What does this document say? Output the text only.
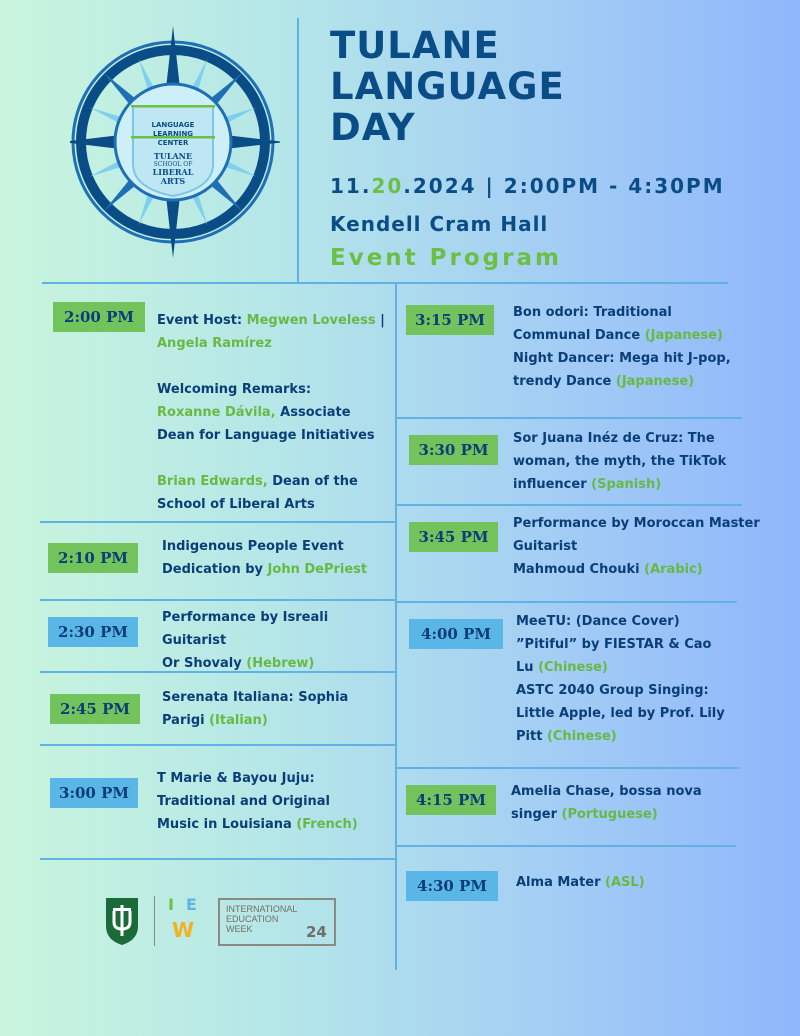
LANGUAGE
LEARNING
CENTER
TULANE
SCHOOL OF
LIBERAL
ARTS
TULANE
LANGUAGE
DAY
11.20.2024 | 2:00PM - 4:30PM
Kendell Cram Hall
Event Program
2:00 PM	Event Host: Megwen Loveless |
Angela Ramírez

Welcoming Remarks:
Roxanne Dávila, Associate
Dean for Language Initiatives

Brian Edwards, Dean of the
School of Liberal Arts
2:10 PM
Indigenous People Event
Dedication by John DePriest
2:30 PM
Performance by Isreali Guitarist
Or Shovaly (Hebrew)
2:45 PM
Serenata Italiana: Sophia
Parigi (Italian)
3:00 PM
T Marie & Bayou Juju:
Traditional and Original
Music in Louisiana (French)
3:15 PM	Bon odori: Traditional
Communal Dance (Japanese)
Night Dancer: Mega hit J-pop,
trendy Dance (Japanese)
3:30 PM
Sor Juana Inéz de Cruz: The
woman, the myth, the TikTok
influencer (Spanish)
3:45 PM
Performance by Moroccan Master
Guitarist
Mahmoud Chouki (Arabic)
4:00 PM
MeeTU: (Dance Cover)
”Pitiful” by FIESTAR & Cao
Lu (Chinese)
ASTC 2040 Group Singing:
Little Apple, led by Prof. Lily
Pitt (Chinese)
4:15 PM	Amelia Chase, bossa nova
singer (Portuguese)
4:30 PM	Alma Mater (ASL)
I E
W
INTERNATIONAL
EDUCATION
WEEK	24
